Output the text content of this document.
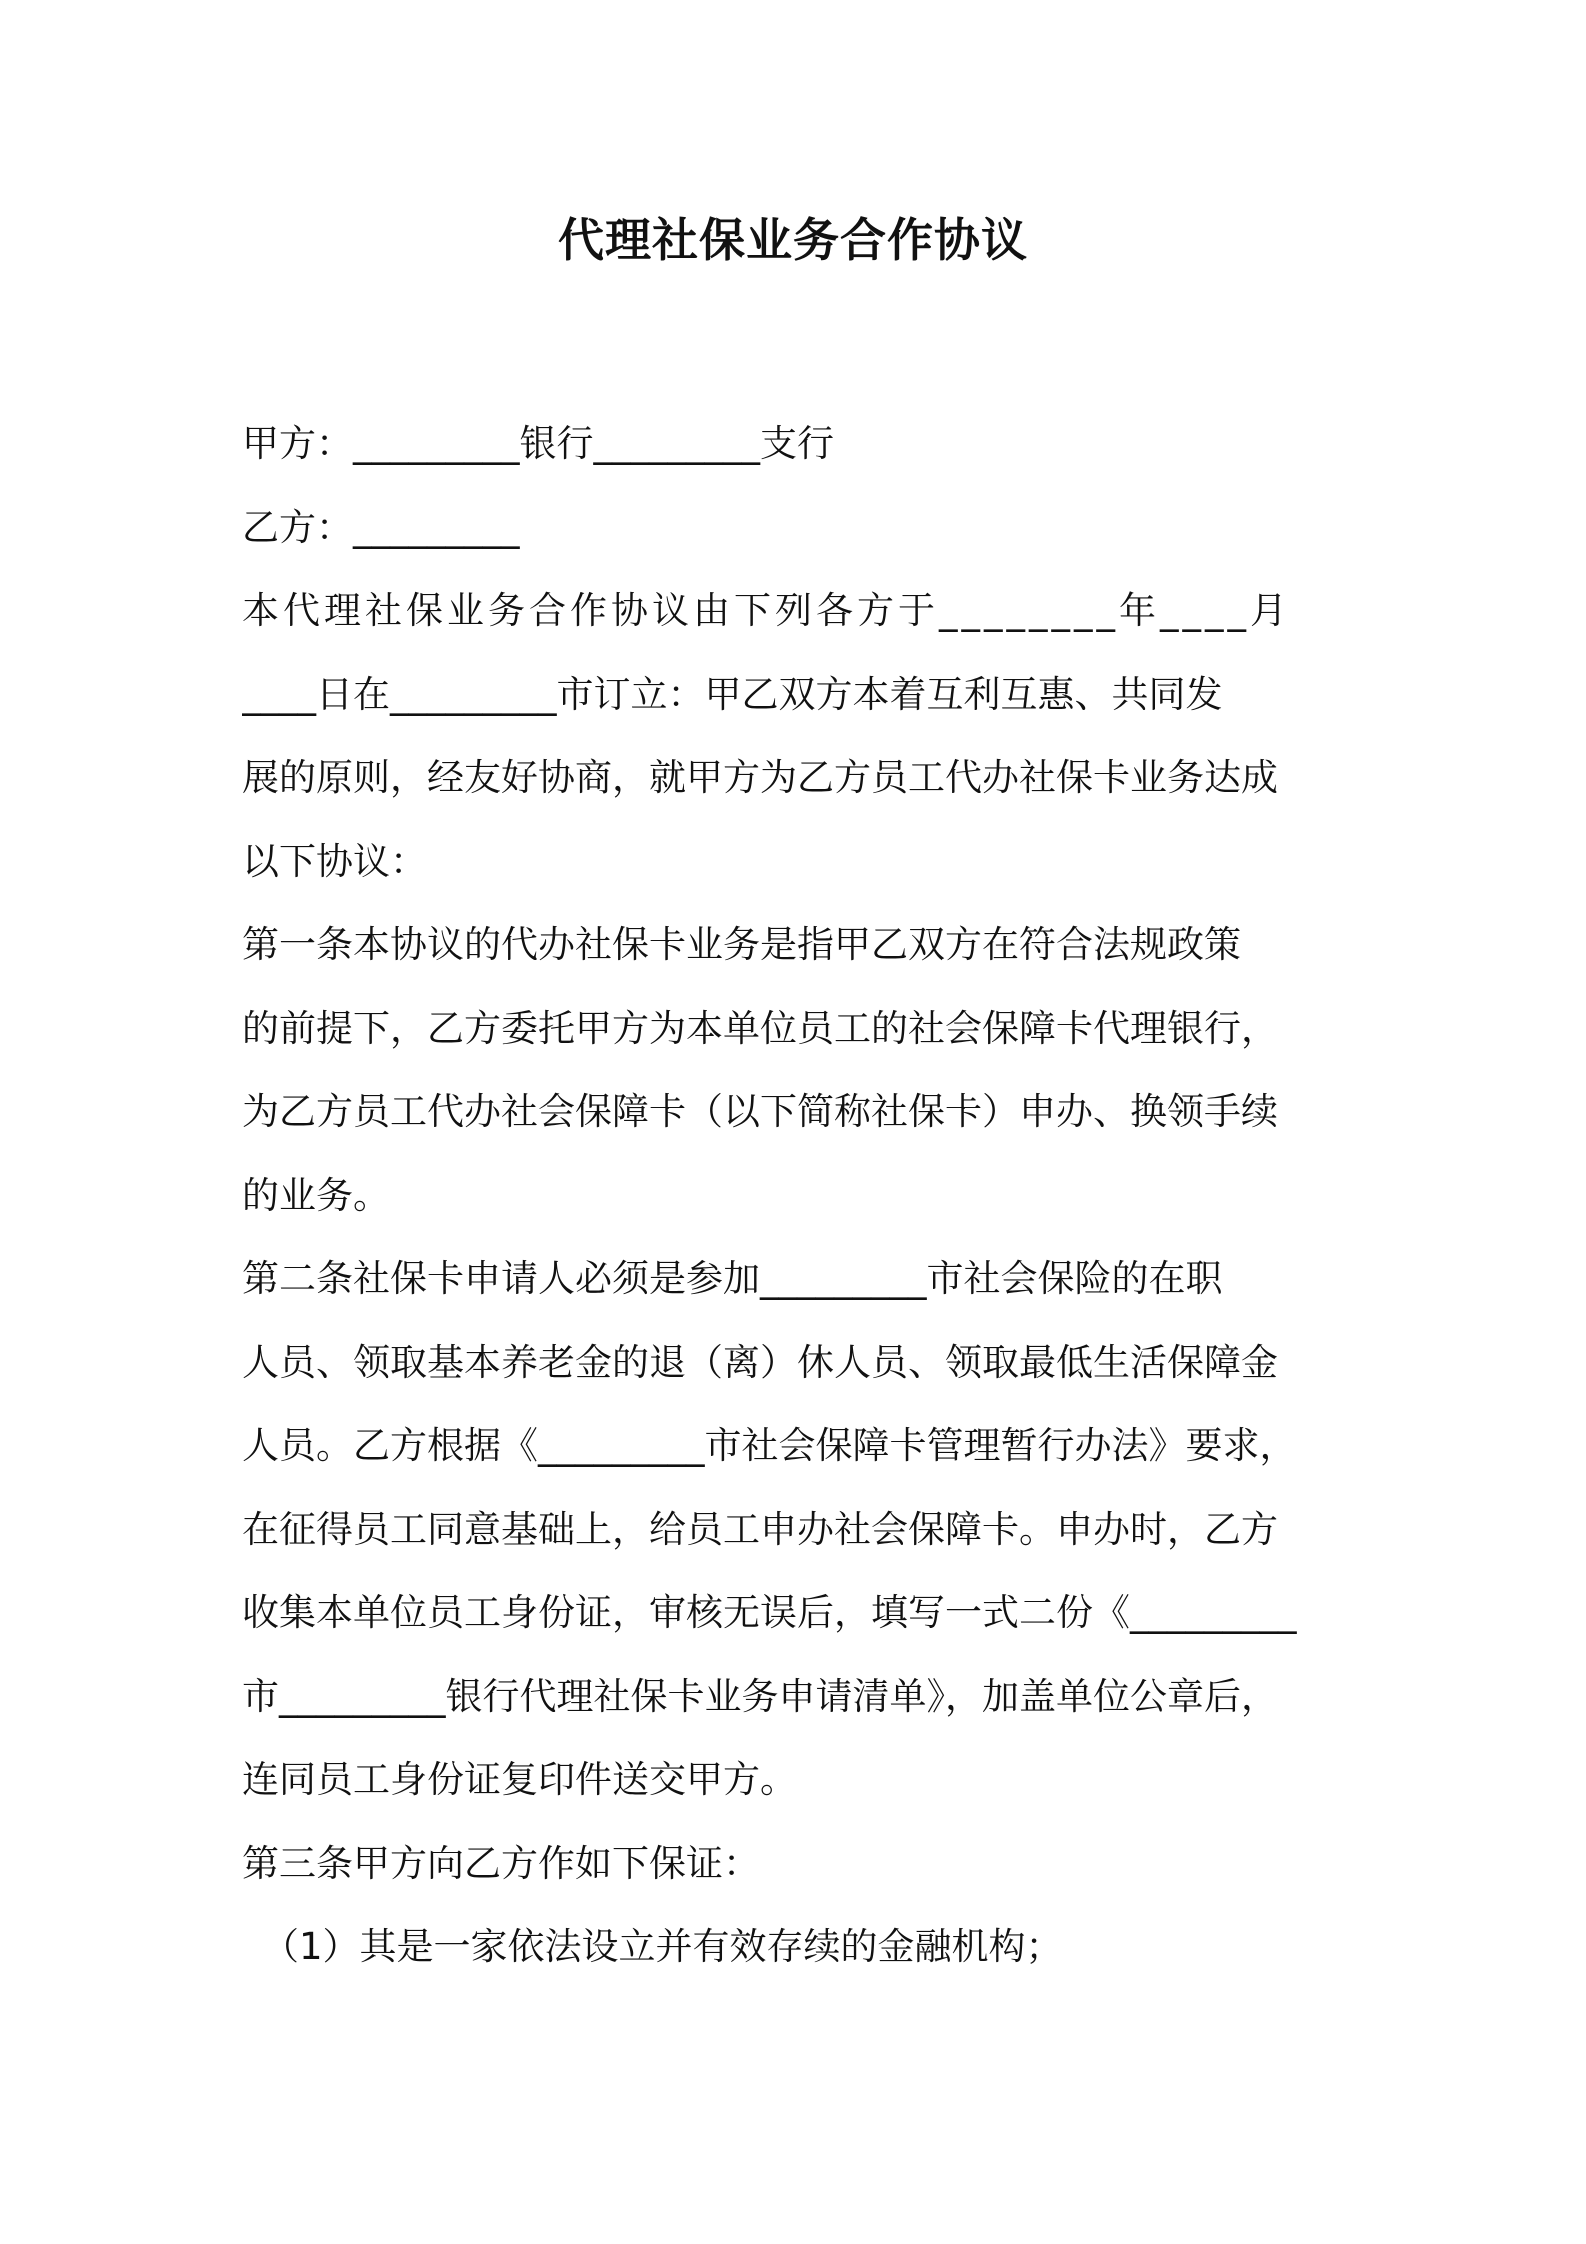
代理社保业务合作协议
甲方：_________银行_________支行
乙方：_________
本代理社保业务合作协议由下列各方于________年____月
____日在_________市订立：甲乙双方本着互利互惠、共同发
展的原则，经友好协商，就甲方为乙方员工代办社保卡业务达成
以下协议：
第一条本协议的代办社保卡业务是指甲乙双方在符合法规政策
的前提下，乙方委托甲方为本单位员工的社会保障卡代理银行，
为乙方员工代办社会保障卡（以下简称社保卡）申办、换领手续
的业务。
第二条社保卡申请人必须是参加_________市社会保险的在职
人员、领取基本养老金的退（离）休人员、领取最低生活保障金
人员。乙方根据《_________市社会保障卡管理暂行办法》要求，
在征得员工同意基础上，给员工申办社会保障卡。申办时，乙方
收集本单位员工身份证，审核无误后，填写一式二份《_________
市_________银行代理社保卡业务申请清单》，加盖单位公章后，
连同员工身份证复印件送交甲方。
第三条甲方向乙方作如下保证：
（1）其是一家依法设立并有效存续的金融机构；
